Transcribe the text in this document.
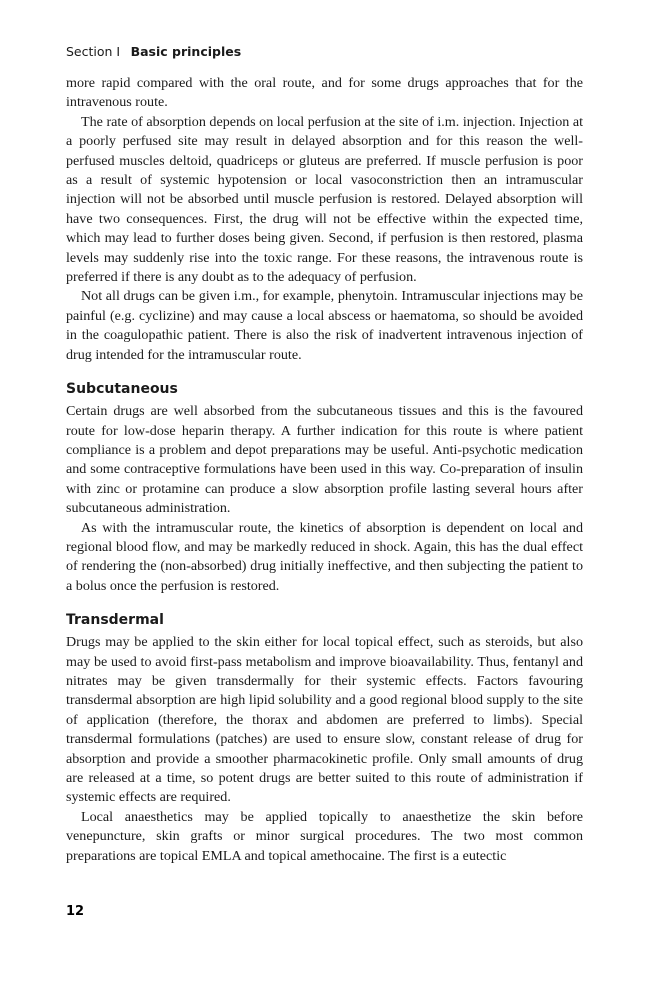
Section I   Basic principles

more rapid compared with the oral route, and for some drugs approaches that for the intravenous route.

The rate of absorption depends on local perfusion at the site of i.m. injection. Injection at a poorly perfused site may result in delayed absorption and for this reason the well-perfused muscles deltoid, quadriceps or gluteus are preferred. If muscle perfusion is poor as a result of systemic hypotension or local vasoconstriction then an intramuscular injection will not be absorbed until muscle perfusion is restored. Delayed absorption will have two consequences. First, the drug will not be effective within the expected time, which may lead to further doses being given. Second, if perfusion is then restored, plasma levels may suddenly rise into the toxic range. For these reasons, the intravenous route is preferred if there is any doubt as to the adequacy of perfusion.

Not all drugs can be given i.m., for example, phenytoin. Intramuscular injections may be painful (e.g. cyclizine) and may cause a local abscess or haematoma, so should be avoided in the coagulopathic patient. There is also the risk of inadvertent intravenous injection of drug intended for the intramuscular route.

Subcutaneous

Certain drugs are well absorbed from the subcutaneous tissues and this is the favoured route for low-dose heparin therapy. A further indication for this route is where patient compliance is a problem and depot preparations may be useful. Anti-psychotic medication and some contraceptive formulations have been used in this way. Co-preparation of insulin with zinc or protamine can produce a slow absorption profile lasting several hours after subcutaneous administration.

As with the intramuscular route, the kinetics of absorption is dependent on local and regional blood flow, and may be markedly reduced in shock. Again, this has the dual effect of rendering the (non-absorbed) drug initially ineffective, and then subjecting the patient to a bolus once the perfusion is restored.

Transdermal

Drugs may be applied to the skin either for local topical effect, such as steroids, but also may be used to avoid first-pass metabolism and improve bioavailability. Thus, fentanyl and nitrates may be given transdermally for their systemic effects. Factors favouring transdermal absorption are high lipid solubility and a good regional blood supply to the site of application (therefore, the thorax and abdomen are preferred to limbs). Special transdermal formulations (patches) are used to ensure slow, constant release of drug for absorption and provide a smoother pharmacokinetic profile. Only small amounts of drug are released at a time, so potent drugs are better suited to this route of administration if systemic effects are required.

Local anaesthetics may be applied topically to anaesthetize the skin before venepuncture, skin grafts or minor surgical procedures. The two most common preparations are topical EMLA and topical amethocaine. The first is a eutectic

12
